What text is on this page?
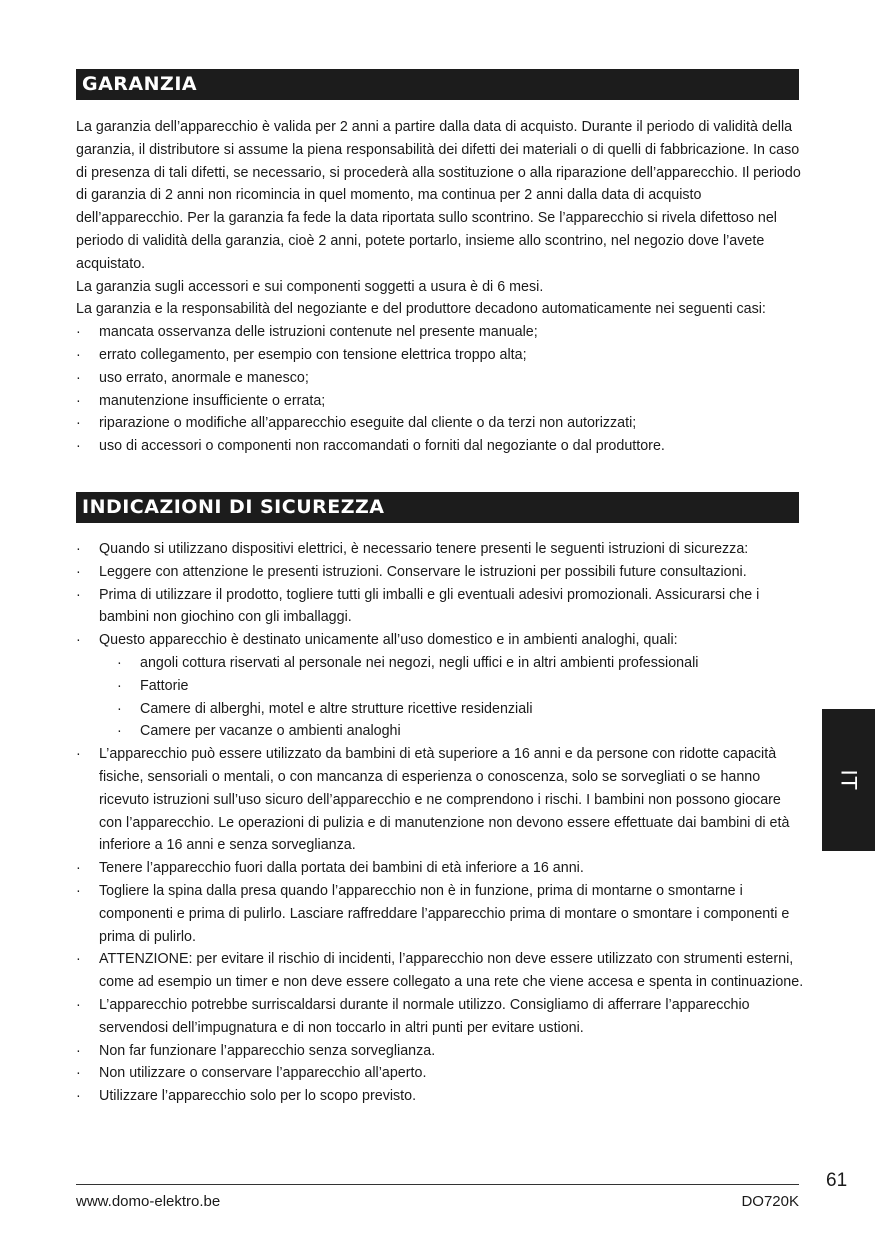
GARANZIA

La garanzia dell’apparecchio è valida per 2 anni a partire dalla data di acquisto. Durante il periodo di validità della garanzia, il distributore si assume la piena responsabilità dei difetti dei materiali o di quelli di fabbricazione. In caso di presenza di tali difetti, se necessario, si procederà alla sostituzione o alla riparazione dell’apparecchio. Il periodo di garanzia di 2 anni non ricomincia in quel momento, ma continua per 2 anni dalla data di acquisto dell’apparecchio. Per la garanzia fa fede la data riportata sullo scontrino. Se l’apparecchio si rivela difettoso nel periodo di validità della garanzia, cioè 2 anni, potete portarlo, insieme allo scontrino, nel negozio dove l’avete acquistato.

La garanzia sugli accessori e sui componenti soggetti a usura è di 6 mesi.

La garanzia e la responsabilità del negoziante e del produttore decadono automaticamente nei seguenti casi:

·	mancata osservanza delle istruzioni contenute nel presente manuale;
·	errato collegamento, per esempio con tensione elettrica troppo alta;
·	uso errato, anormale e manesco;
·	manutenzione insufficiente o errata;
·	riparazione o modifiche all’apparecchio eseguite dal cliente o da terzi non autorizzati;
·	uso di accessori o componenti non raccomandati o forniti dal negoziante o dal produttore.
INDICAZIONI DI SICUREZZA
·	Quando si utilizzano dispositivi elettrici, è necessario tenere presenti le seguenti istruzioni di sicurezza:
·	Leggere con attenzione le presenti istruzioni. Conservare le istruzioni per possibili future consultazioni.
·	Prima di utilizzare il prodotto, togliere tutti gli imballi e gli eventuali adesivi promozionali. Assicurarsi che i bambini non giochino con gli imballaggi.
·	Questo apparecchio è destinato unicamente all’uso domestico e in ambienti analoghi, quali:
·	angoli cottura riservati al personale nei negozi, negli uffici e in altri ambienti professionali
·	Fattorie
·	Camere di alberghi, motel e altre strutture ricettive residenziali
·	Camere per vacanze o ambienti analoghi
·	L’apparecchio può essere utilizzato da bambini di età superiore a 16 anni e da persone con ridotte capacità fisiche, sensoriali o mentali, o con mancanza di esperienza o conoscenza, solo se sorvegliati o se hanno ricevuto istruzioni sull’uso sicuro dell’apparecchio e ne comprendono i rischi. I bambini non possono giocare con l’apparecchio. Le operazioni di pulizia e di manutenzione non devono essere effettuate dai bambini di età inferiore a 16 anni e senza sorveglianza.
·	Tenere l’apparecchio fuori dalla portata dei bambini di età inferiore a 16 anni.
·	Togliere la spina dalla presa quando l’apparecchio non è in funzione, prima di montarne o smontarne i componenti e prima di pulirlo. Lasciare raffreddare l’apparecchio prima di montare o smontare i componenti e prima di pulirlo.
·	ATTENZIONE: per evitare il rischio di incidenti, l’apparecchio non deve essere utilizzato con strumenti esterni, come ad esempio un timer e non deve essere collegato a una rete che viene accesa e spenta in continuazione.
·	L’apparecchio potrebbe surriscaldarsi durante il normale utilizzo. Consigliamo di afferrare l’apparecchio servendosi dell’impugnatura e di non toccarlo in altri punti per evitare ustioni.
·	Non far funzionare l’apparecchio senza sorveglianza.
·	Non utilizzare o conservare l’apparecchio all’aperto.
·	Utilizzare l’apparecchio solo per lo scopo previsto.
IT
61
www.domo-elektro.be	DO720K
